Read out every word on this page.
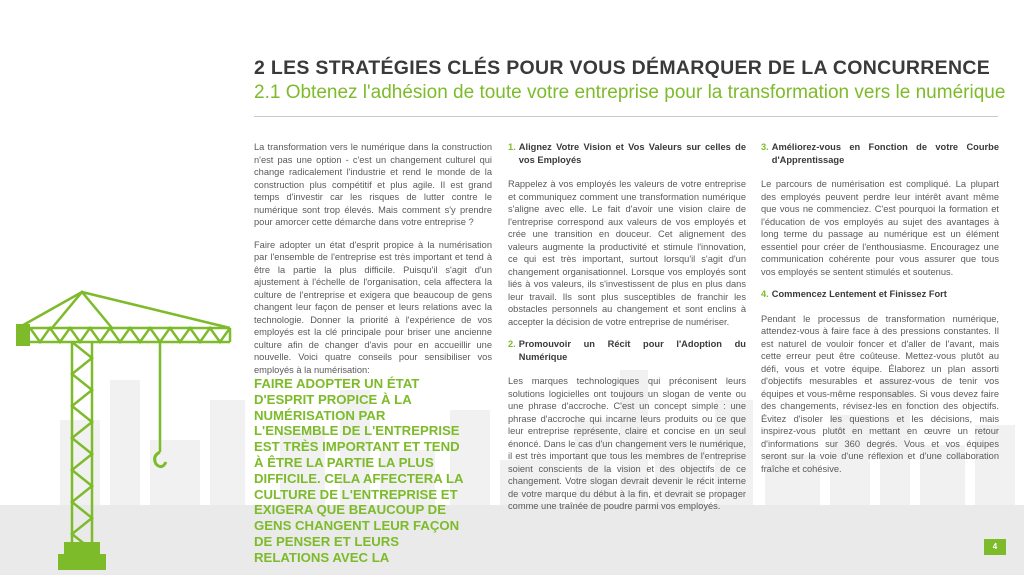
2 LES STRATÉGIES CLÉS POUR VOUS DÉMARQUER DE LA CONCURRENCE
2.1 Obtenez l'adhésion de toute votre entreprise pour la transformation vers le numérique

La transformation vers le numérique dans la construction n'est pas une option - c'est un changement culturel qui change radicalement l'industrie et rend le monde de la construction plus compétitif et plus agile. Il est grand temps d'investir car les risques de lutter contre le numérique sont trop élevés. Mais comment s'y prendre pour amorcer cette démarche dans votre entreprise ?

Faire adopter un état d'esprit propice à la numérisation par l'ensemble de l'entreprise est très important et tend à être la partie la plus difficile. Puisqu'il s'agit d'un ajustement à l'échelle de l'organisation, cela affectera la culture de l'entreprise et exigera que beaucoup de gens changent leur façon de penser et leurs relations avec la technologie. Donner la priorité à l'expérience de vos employés est la clé principale pour briser une ancienne culture afin de changer d'avis pour en accueillir une nouvelle. Voici quatre conseils pour sensibiliser vos employés à la numérisation:

FAIRE ADOPTER UN ÉTAT D'ESPRIT PROPICE À LA NUMÉRISATION PAR L'ENSEMBLE DE L'ENTREPRISE EST TRÈS IMPORTANT ET TEND À ÊTRE LA PARTIE LA PLUS DIFFICILE. CELA AFFECTERA LA CULTURE DE L'ENTREPRISE ET EXIGERA QUE BEAUCOUP DE GENS CHANGENT LEUR FAÇON DE PENSER ET LEURS RELATIONS AVEC LA
1. Alignez Votre Vision et Vos Valeurs sur celles de vos Employés

Rappelez à vos employés les valeurs de votre entreprise et communiquez comment une transformation numérique s'aligne avec elle. Le fait d'avoir une vision claire de l'entreprise correspond aux valeurs de vos employés et crée une transition en douceur. Cet alignement des valeurs augmente la productivité et stimule l'innovation, ce qui est très important, surtout lorsqu'il s'agit d'un changement organisationnel. Lorsque vos employés sont liés à vos valeurs, ils s'investissent de plus en plus dans leur travail. Ils sont plus susceptibles de franchir les obstacles personnels au changement et sont enclins à accepter la décision de votre entreprise de numériser.

2. Promouvoir un Récit pour l'Adoption du Numérique

Les marques technologiques qui préconisent leurs solutions logicielles ont toujours un slogan de vente ou une phrase d'accroche. C'est un concept simple : une phrase d'accroche qui incarne leurs produits ou ce que leur entreprise représente, claire et concise en un seul énoncé. Dans le cas d'un changement vers le numérique, il est très important que tous les membres de l'entreprise soient conscients de la vision et des objectifs de ce changement. Votre slogan devrait devenir le récit interne de votre marque du début à la fin, et devrait se propager comme une traînée de poudre parmi vos employés.

3. Améliorez-vous en Fonction de votre Courbe d'Apprentissage

Le parcours de numérisation est compliqué. La plupart des employés peuvent perdre leur intérêt avant même que vous ne commenciez. C'est pourquoi la formation et l'éducation de vos employés au sujet des avantages à long terme du passage au numérique est un élément essentiel pour créer de l'enthousiasme. Encouragez une communication cohérente pour vous assurer que tous vos employés se sentent stimulés et soutenus.

4. Commencez Lentement et Finissez Fort

Pendant le processus de transformation numérique, attendez-vous à faire face à des pressions constantes. Il est naturel de vouloir foncer et d'aller de l'avant, mais cette erreur peut être coûteuse. Mettez-vous plutôt au défi, vous et votre équipe. Élaborez un plan assorti d'objectifs mesurables et assurez-vous de tenir vos équipes et vous-même responsables. Si vous devez faire des changements, révisez-les en fonction des objectifs. Évitez d'isoler les questions et les décisions, mais inspirez-vous plutôt en mettant en œuvre un retour d'informations sur 360 degrés. Vous et vos équipes seront sur la voie d'une réflexion et d'une collaboration fraîche et cohésive.

4
